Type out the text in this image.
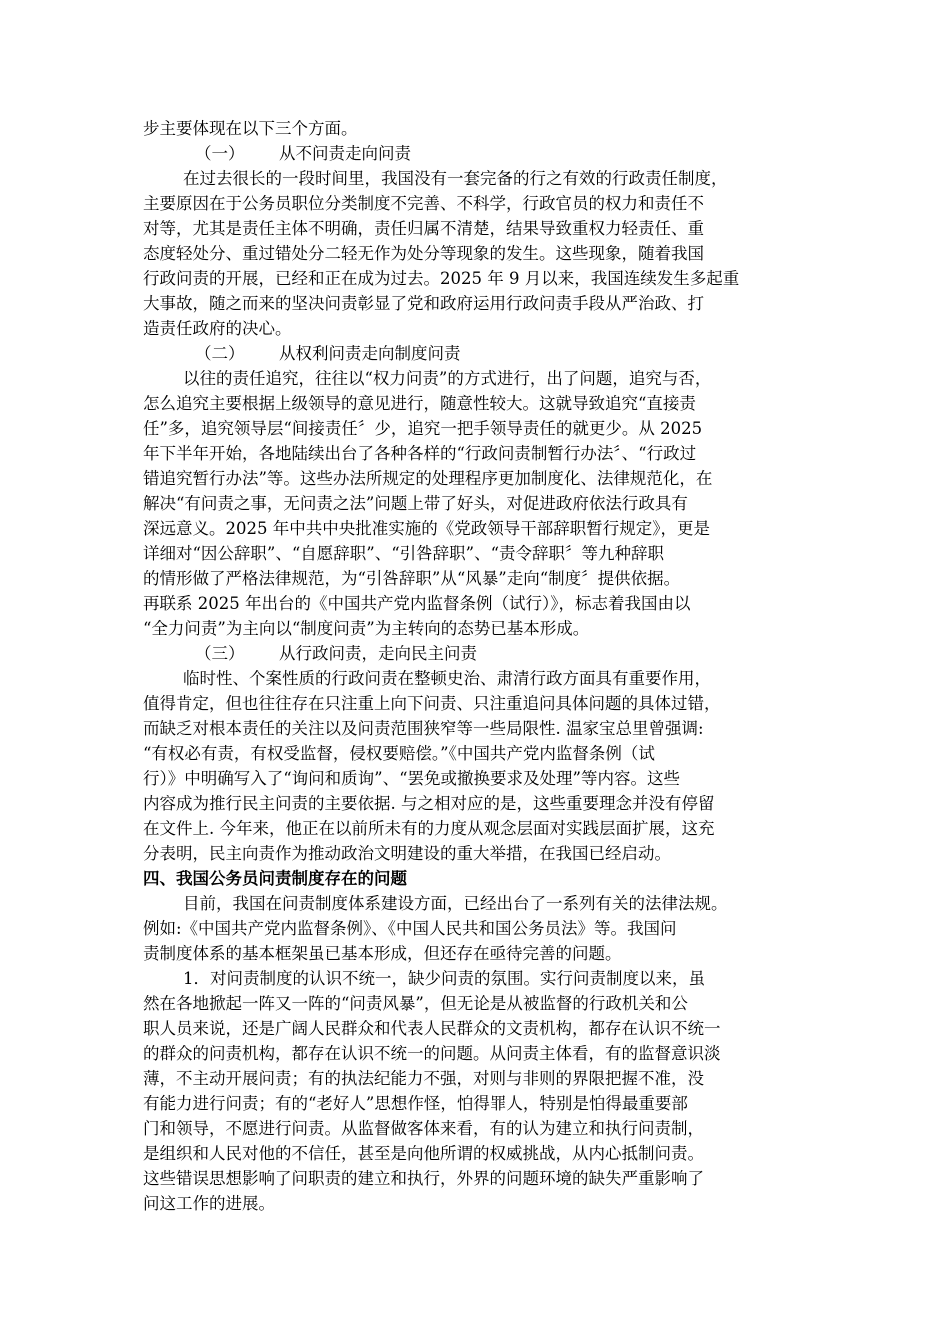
步主要体现在以下三个方面。
（一） 从不问责走向问责
在过去很长的一段时间里，我国没有一套完备的行之有效的行政责任制度，
主要原因在于公务员职位分类制度不完善、不科学，行政官员的权力和责任不
对等，尤其是责任主体不明确，责任归属不清楚，结果导致重权力轻责任、重
态度轻处分、重过错处分二轻无作为处分等现象的发生。这些现象，随着我国
行政问责的开展，已经和正在成为过去。2025 年 9 月以来，我国连续发生多起重
大事故，随之而来的坚决问责彰显了党和政府运用行政问责手段从严治政、打
造责任政府的决心。
（二） 从权利问责走向制度问责
以往的责任追究，往往以“权力问责”的方式进行，出了问题，追究与否，
怎么追究主要根据上级领导的意见进行，随意性较大。这就导致追究“直接责
任”多，追究领导层“间接责任〞少，追究一把手领导责任的就更少。从 2025
年下半年开始，各地陆续出台了各种各样的“行政问责制暂行办法〞、“行政过
错追究暂行办法”等。这些办法所规定的处理程序更加制度化、法律规范化，在
解决“有问责之事，无问责之法”问题上带了好头，对促进政府依法行政具有
深远意义。2025 年中共中央批准实施的《党政领导干部辞职暂行规定》，更是
详细对“因公辞职”、“自愿辞职”、“引咎辞职”、“责令辞职〞等九种辞职
的情形做了严格法律规范，为“引咎辞职”从“风暴”走向“制度〞提供依据。
再联系 2025 年出台的《中国共产党内监督条例（试行）》，标志着我国由以
“全力问责”为主向以“制度问责”为主转向的态势已基本形成。
（三） 从行政问责，走向民主问责
临时性、个案性质的行政问责在整顿史治、肃清行政方面具有重要作用，
值得肯定，但也往往存在只注重上向下问责、只注重追问具体问题的具体过错，
而缺乏对根本责任的关注以及问责范围狭窄等一些局限性. 温家宝总里曾强调:
“有权必有责，有权受监督，侵权要赔偿。”《中国共产党内监督条例（试
行）》中明确写入了“询问和质询”、“罢免或撤换要求及处理”等内容。这些
内容成为推行民主问责的主要依据. 与之相对应的是，这些重要理念并没有停留
在文件上. 今年来，他正在以前所未有的力度从观念层面对实践层面扩展，这充
分表明，民主向责作为推动政治文明建设的重大举措，在我国已经启动。
四、我国公务员问责制度存在的问题
目前，我国在问责制度体系建设方面，已经出台了一系列有关的法律法规。
例如:《中国共产党内监督条例》、《中国人民共和国公务员法》等。我国问
责制度体系的基本框架虽已基本形成，但还存在亟待完善的问题。
1．对问责制度的认识不统一，缺少问责的氛围。实行问责制度以来，虽
然在各地掀起一阵又一阵的“问责风暴”，但无论是从被监督的行政机关和公
职人员来说，还是广阔人民群众和代表人民群众的文责机构，都存在认识不统一
的群众的问责机构，都存在认识不统一的问题。从问责主体看，有的监督意识淡
薄，不主动开展问责；有的执法纪能力不强，对则与非则的界限把握不准，没
有能力进行问责；有的“老好人”思想作怪，怕得罪人，特别是怕得最重要部
门和领导，不愿进行问责。从监督做客体来看，有的认为建立和执行问责制，
是组织和人民对他的不信任，甚至是向他所谓的权威挑战，从内心抵制问责。
这些错误思想影响了问职责的建立和执行，外界的问题环境的缺失严重影响了
问这工作的进展。
